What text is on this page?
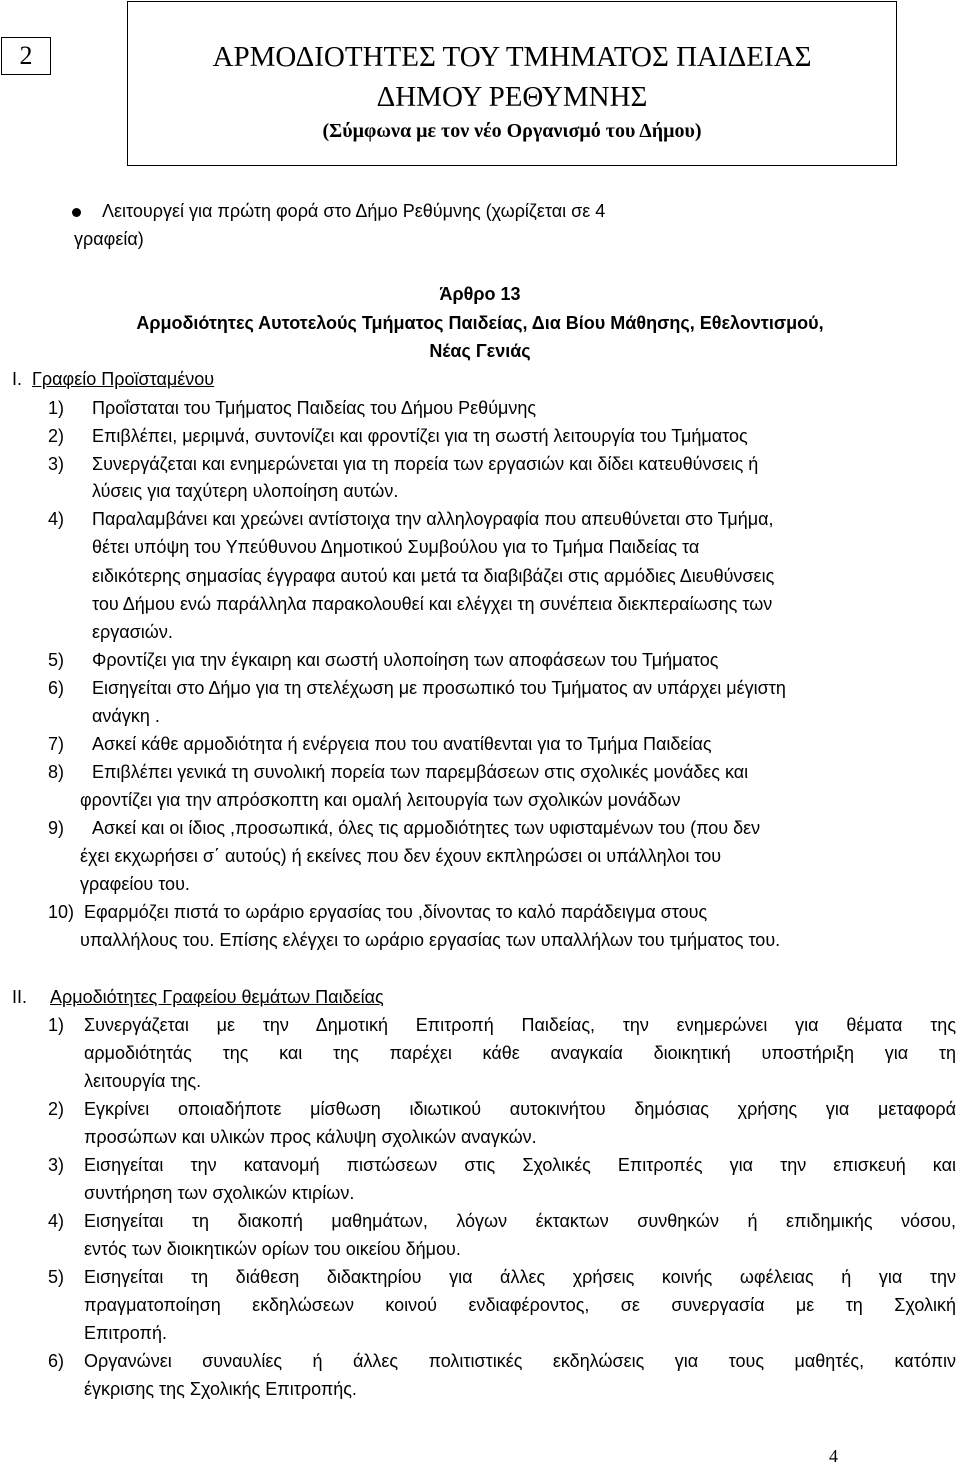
2	ΑΡΜΟΔΙΟΤΗΤΕΣ ΤΟΥ ΤΜΗΜΑΤΟΣ ΠΑΙΔΕΙΑΣ
ΔΗΜΟΥ ΡΕΘΥΜΝΗΣ
(Σύμφωνα με τον νέο Οργανισμό του Δήμου)
Λειτουργεί για πρώτη φορά στο Δήμο Ρεθύμνης (χωρίζεται σε 4
γραφεία)
Άρθρο 13
Αρμοδιότητες Αυτοτελούς Τμήματος Παιδείας, Δια Βίου Μάθησης, Εθελοντισμού,
Νέας Γενιάς
I. Γραφείο Προϊσταμένου
1) Προΐσταται του Τμήματος Παιδείας του Δήμου Ρεθύμνης
2) Επιβλέπει, μεριμνά, συντονίζει και φροντίζει για τη σωστή λειτουργία του Τμήματος
3) Συνεργάζεται και ενημερώνεται για τη πορεία των εργασιών και δίδει κατευθύνσεις ή
λύσεις για ταχύτερη υλοποίηση αυτών.
4) Παραλαμβάνει και χρεώνει αντίστοιχα την αλληλογραφία που απευθύνεται στο Τμήμα,
θέτει υπόψη του Υπεύθυνου Δημοτικού Συμβούλου για το Τμήμα Παιδείας τα
ειδικότερης σημασίας έγγραφα αυτού και μετά τα διαβιβάζει στις αρμόδιες Διευθύνσεις
του Δήμου ενώ παράλληλα παρακολουθεί και ελέγχει τη συνέπεια διεκπεραίωσης των
εργασιών.
5) Φροντίζει για την έγκαιρη και σωστή υλοποίηση των αποφάσεων του Τμήματος
6) Εισηγείται στο Δήμο για τη στελέχωση με προσωπικό του Τμήματος αν υπάρχει μέγιστη
ανάγκη .
7) Ασκεί κάθε αρμοδιότητα ή ενέργεια που του ανατίθενται για το Τμήμα Παιδείας
8) Επιβλέπει γενικά τη συνολική πορεία των παρεμβάσεων στις σχολικές μονάδες και
φροντίζει για την απρόσκοπτη και ομαλή λειτουργία των σχολικών μονάδων
9) Ασκεί και οι ίδιος ,προσωπικά, όλες τις αρμοδιότητες των υφισταμένων του (που δεν
έχει εκχωρήσει σ΄ αυτούς) ή εκείνες που δεν έχουν εκπληρώσει οι υπάλληλοι του
γραφείου του.
10) Εφαρμόζει πιστά το ωράριο εργασίας του ,δίνοντας το καλό παράδειγμα στους
υπαλλήλους του. Επίσης ελέγχει το ωράριο εργασίας των υπαλλήλων του τμήματος του.
II. Αρμοδιότητες Γραφείου θεμάτων Παιδείας
1) Συνεργάζεται με την Δημοτική Επιτροπή Παιδείας, την ενημερώνει για θέματα της
αρμοδιότητάς της και της παρέχει κάθε αναγκαία διοικητική υποστήριξη για τη
λειτουργία της.
2) Εγκρίνει οποιαδήποτε μίσθωση ιδιωτικού αυτοκινήτου δημόσιας χρήσης για μεταφορά
προσώπων και υλικών προς κάλυψη σχολικών αναγκών.
3) Εισηγείται την κατανομή πιστώσεων στις Σχολικές Επιτροπές για την επισκευή και
συντήρηση των σχολικών κτιρίων.
4) Εισηγείται τη διακοπή μαθημάτων, λόγων έκτακτων συνθηκών ή επιδημικής νόσου,
εντός των διοικητικών ορίων του οικείου δήμου.
5) Εισηγείται τη διάθεση διδακτηρίου για άλλες χρήσεις κοινής ωφέλειας ή για την
πραγματοποίηση εκδηλώσεων κοινού ενδιαφέροντος, σε συνεργασία με τη Σχολική
Επιτροπή.
6) Οργανώνει συναυλίες ή άλλες πολιτιστικές εκδηλώσεις για τους μαθητές, κατόπιν
έγκρισης της Σχολικής Επιτροπής.
4
